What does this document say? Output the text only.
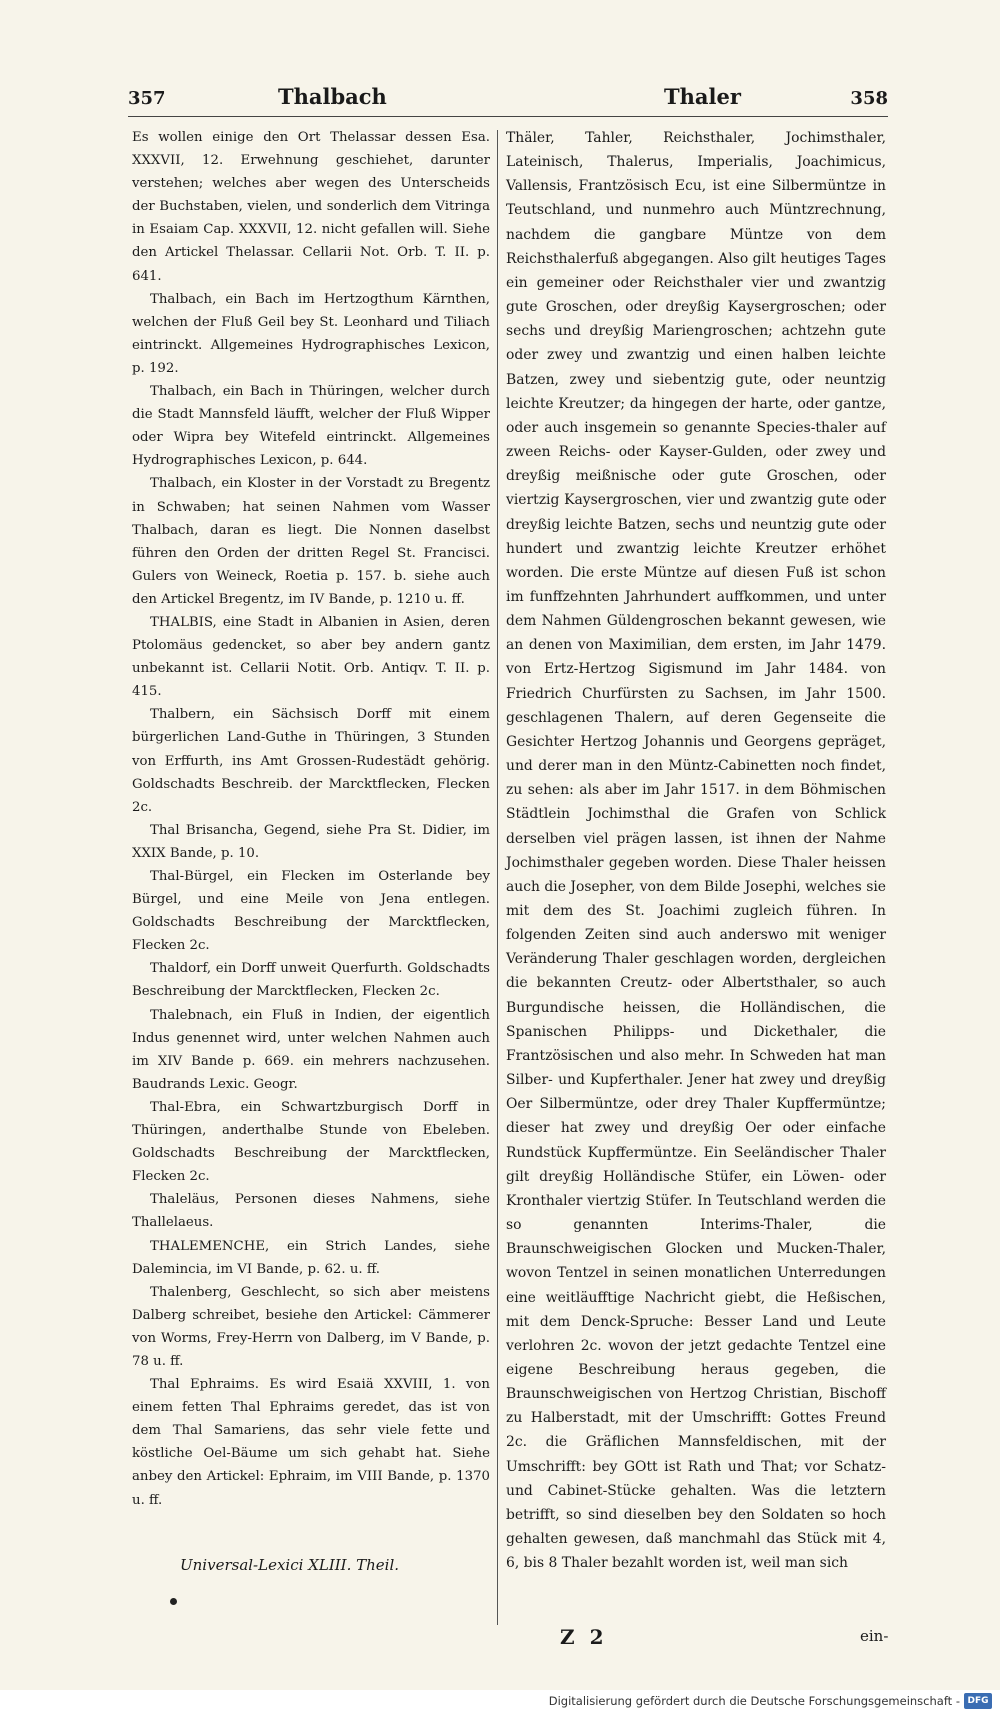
357	Thalbach	Thaler	358

Es wollen einige den Ort Thelassar dessen Esa. XXXVII, 12. Erwehnung geschiehet, darunter verstehen; welches aber wegen des Unterscheids der Buchstaben, vielen, und sonderlich dem Vitringa in Esaiam Cap. XXXVII, 12. nicht gefallen will. Siehe den Artickel Thelassar. Cellarii Not. Orb. T. II. p. 641.

Thalbach, ein Bach im Hertzogthum Kärnthen, welchen der Fluß Geil bey St. Leonhard und Tiliach eintrinckt. Allgemeines Hydrographisches Lexicon, p. 192.

Thalbach, ein Bach in Thüringen, welcher durch die Stadt Mannsfeld läufft, welcher der Fluß Wipper oder Wipra bey Witefeld eintrinckt. Allgemeines Hydrographisches Lexicon, p. 644.

Thalbach, ein Kloster in der Vorstadt zu Bregentz in Schwaben; hat seinen Nahmen vom Wasser Thalbach, daran es liegt. Die Nonnen daselbst führen den Orden der dritten Regel St. Francisci. Gulers von Weineck, Roetia p. 157. b. siehe auch den Artickel Bregentz, im IV Bande, p. 1210 u. ff.

THALBIS, eine Stadt in Albanien in Asien, deren Ptolomäus gedencket, so aber bey andern gantz unbekannt ist. Cellarii Notit. Orb. Antiqv. T. II. p. 415.

Thalbern, ein Sächsisch Dorff mit einem bürgerlichen Land-Guthe in Thüringen, 3 Stunden von Erffurth, ins Amt Grossen-Rudestädt gehörig. Goldschadts Beschreib. der Marcktflecken, Flecken 2c.

Thal Brisancha, Gegend, siehe Pra St. Didier, im XXIX Bande, p. 10.

Thal-Bürgel, ein Flecken im Osterlande bey Bürgel, und eine Meile von Jena entlegen. Goldschadts Beschreibung der Marcktflecken, Flecken 2c.

Thaldorf, ein Dorff unweit Querfurth. Goldschadts Beschreibung der Marcktflecken, Flecken 2c.

Thalebnach, ein Fluß in Indien, der eigentlich Indus genennet wird, unter welchen Nahmen auch im XIV Bande p. 669. ein mehrers nachzusehen. Baudrands Lexic. Geogr.

Thal-Ebra, ein Schwartzburgisch Dorff in Thüringen, anderthalbe Stunde von Ebeleben. Goldschadts Beschreibung der Marcktflecken, Flecken 2c.

Thaleläus, Personen dieses Nahmens, siehe Thallelaeus.

THALEMENCHE, ein Strich Landes, siehe Dalemincia, im VI Bande, p. 62. u. ff.

Thalenberg, Geschlecht, so sich aber meistens Dalberg schreibet, besiehe den Artickel: Cämmerer von Worms, Frey-Herrn von Dalberg, im V Bande, p. 78 u. ff.

Thal Ephraims. Es wird Esaiä XXVIII, 1. von einem fetten Thal Ephraims geredet, das ist von dem Thal Samariens, das sehr viele fette und köstliche Oel-Bäume um sich gehabt hat. Siehe anbey den Artickel: Ephraim, im VIII Bande, p. 1370 u. ff.

Universal-Lexici XLIII. Theil.

Thäler, Tahler, Reichsthaler, Jochimsthaler, Lateinisch, Thalerus, Imperialis, Joachimicus, Vallensis, Frantzösisch Ecu, ist eine Silbermüntze in Teutschland, und nunmehro auch Müntzrechnung, nachdem die gangbare Müntze von dem Reichsthalerfuß abgegangen. Also gilt heutiges Tages ein gemeiner oder Reichsthaler vier und zwantzig gute Groschen, oder dreyßig Kaysergroschen; oder sechs und dreyßig Mariengroschen; achtzehn gute oder zwey und zwantzig und einen halben leichte Batzen, zwey und siebentzig gute, oder neuntzig leichte Kreutzer; da hingegen der harte, oder gantze, oder auch insgemein so genannte Species-thaler auf zween Reichs- oder Kayser-Gulden, oder zwey und dreyßig meißnische oder gute Groschen, oder viertzig Kaysergroschen, vier und zwantzig gute oder dreyßig leichte Batzen, sechs und neuntzig gute oder hundert und zwantzig leichte Kreutzer erhöhet worden. Die erste Müntze auf diesen Fuß ist schon im funffzehnten Jahrhundert auffkommen, und unter dem Nahmen Güldengroschen bekannt gewesen, wie an denen von Maximilian, dem ersten, im Jahr 1479. von Ertz-Hertzog Sigismund im Jahr 1484. von Friedrich Churfürsten zu Sachsen, im Jahr 1500. geschlagenen Thalern, auf deren Gegenseite die Gesichter Hertzog Johannis und Georgens gepräget, und derer man in den Müntz-Cabinetten noch findet, zu sehen: als aber im Jahr 1517. in dem Böhmischen Städtlein Jochimsthal die Grafen von Schlick derselben viel prägen lassen, ist ihnen der Nahme Jochimsthaler gegeben worden. Diese Thaler heissen auch die Josepher, von dem Bilde Josephi, welches sie mit dem des St. Joachimi zugleich führen. In folgenden Zeiten sind auch anderswo mit weniger Veränderung Thaler geschlagen worden, dergleichen die bekannten Creutz- oder Albertsthaler, so auch Burgundische heissen, die Holländischen, die Spanischen Philipps- und Dickethaler, die Frantzösischen und also mehr. In Schweden hat man Silber- und Kupferthaler. Jener hat zwey und dreyßig Oer Silbermüntze, oder drey Thaler Kupffermüntze; dieser hat zwey und dreyßig Oer oder einfache Rundstück Kupffermüntze. Ein Seeländischer Thaler gilt dreyßig Holländische Stüfer, ein Löwen- oder Kronthaler viertzig Stüfer. In Teutschland werden die so genannten Interims-Thaler, die Braunschweigischen Glocken und Mucken-Thaler, wovon Tentzel in seinen monatlichen Unterredungen eine weitläufftige Nachricht giebt, die Heßischen, mit dem Denck-Spruche: Besser Land und Leute verlohren 2c. wovon der jetzt gedachte Tentzel eine eigene Beschreibung heraus gegeben, die Braunschweigischen von Hertzog Christian, Bischoff zu Halberstadt, mit der Umschrifft: Gottes Freund 2c. die Gräflichen Mannsfeldischen, mit der Umschrifft: bey GOtt ist Rath und That; vor Schatz- und Cabinet-Stücke gehalten. Was die letztern betrifft, so sind dieselben bey den Soldaten so hoch gehalten gewesen, daß manchmahl das Stück mit 4, 6, bis 8 Thaler bezahlt worden ist, weil man sich

Z 2	ein-
Digitalisierung gefördert durch die Deutsche Forschungsgemeinschaft - DFG
